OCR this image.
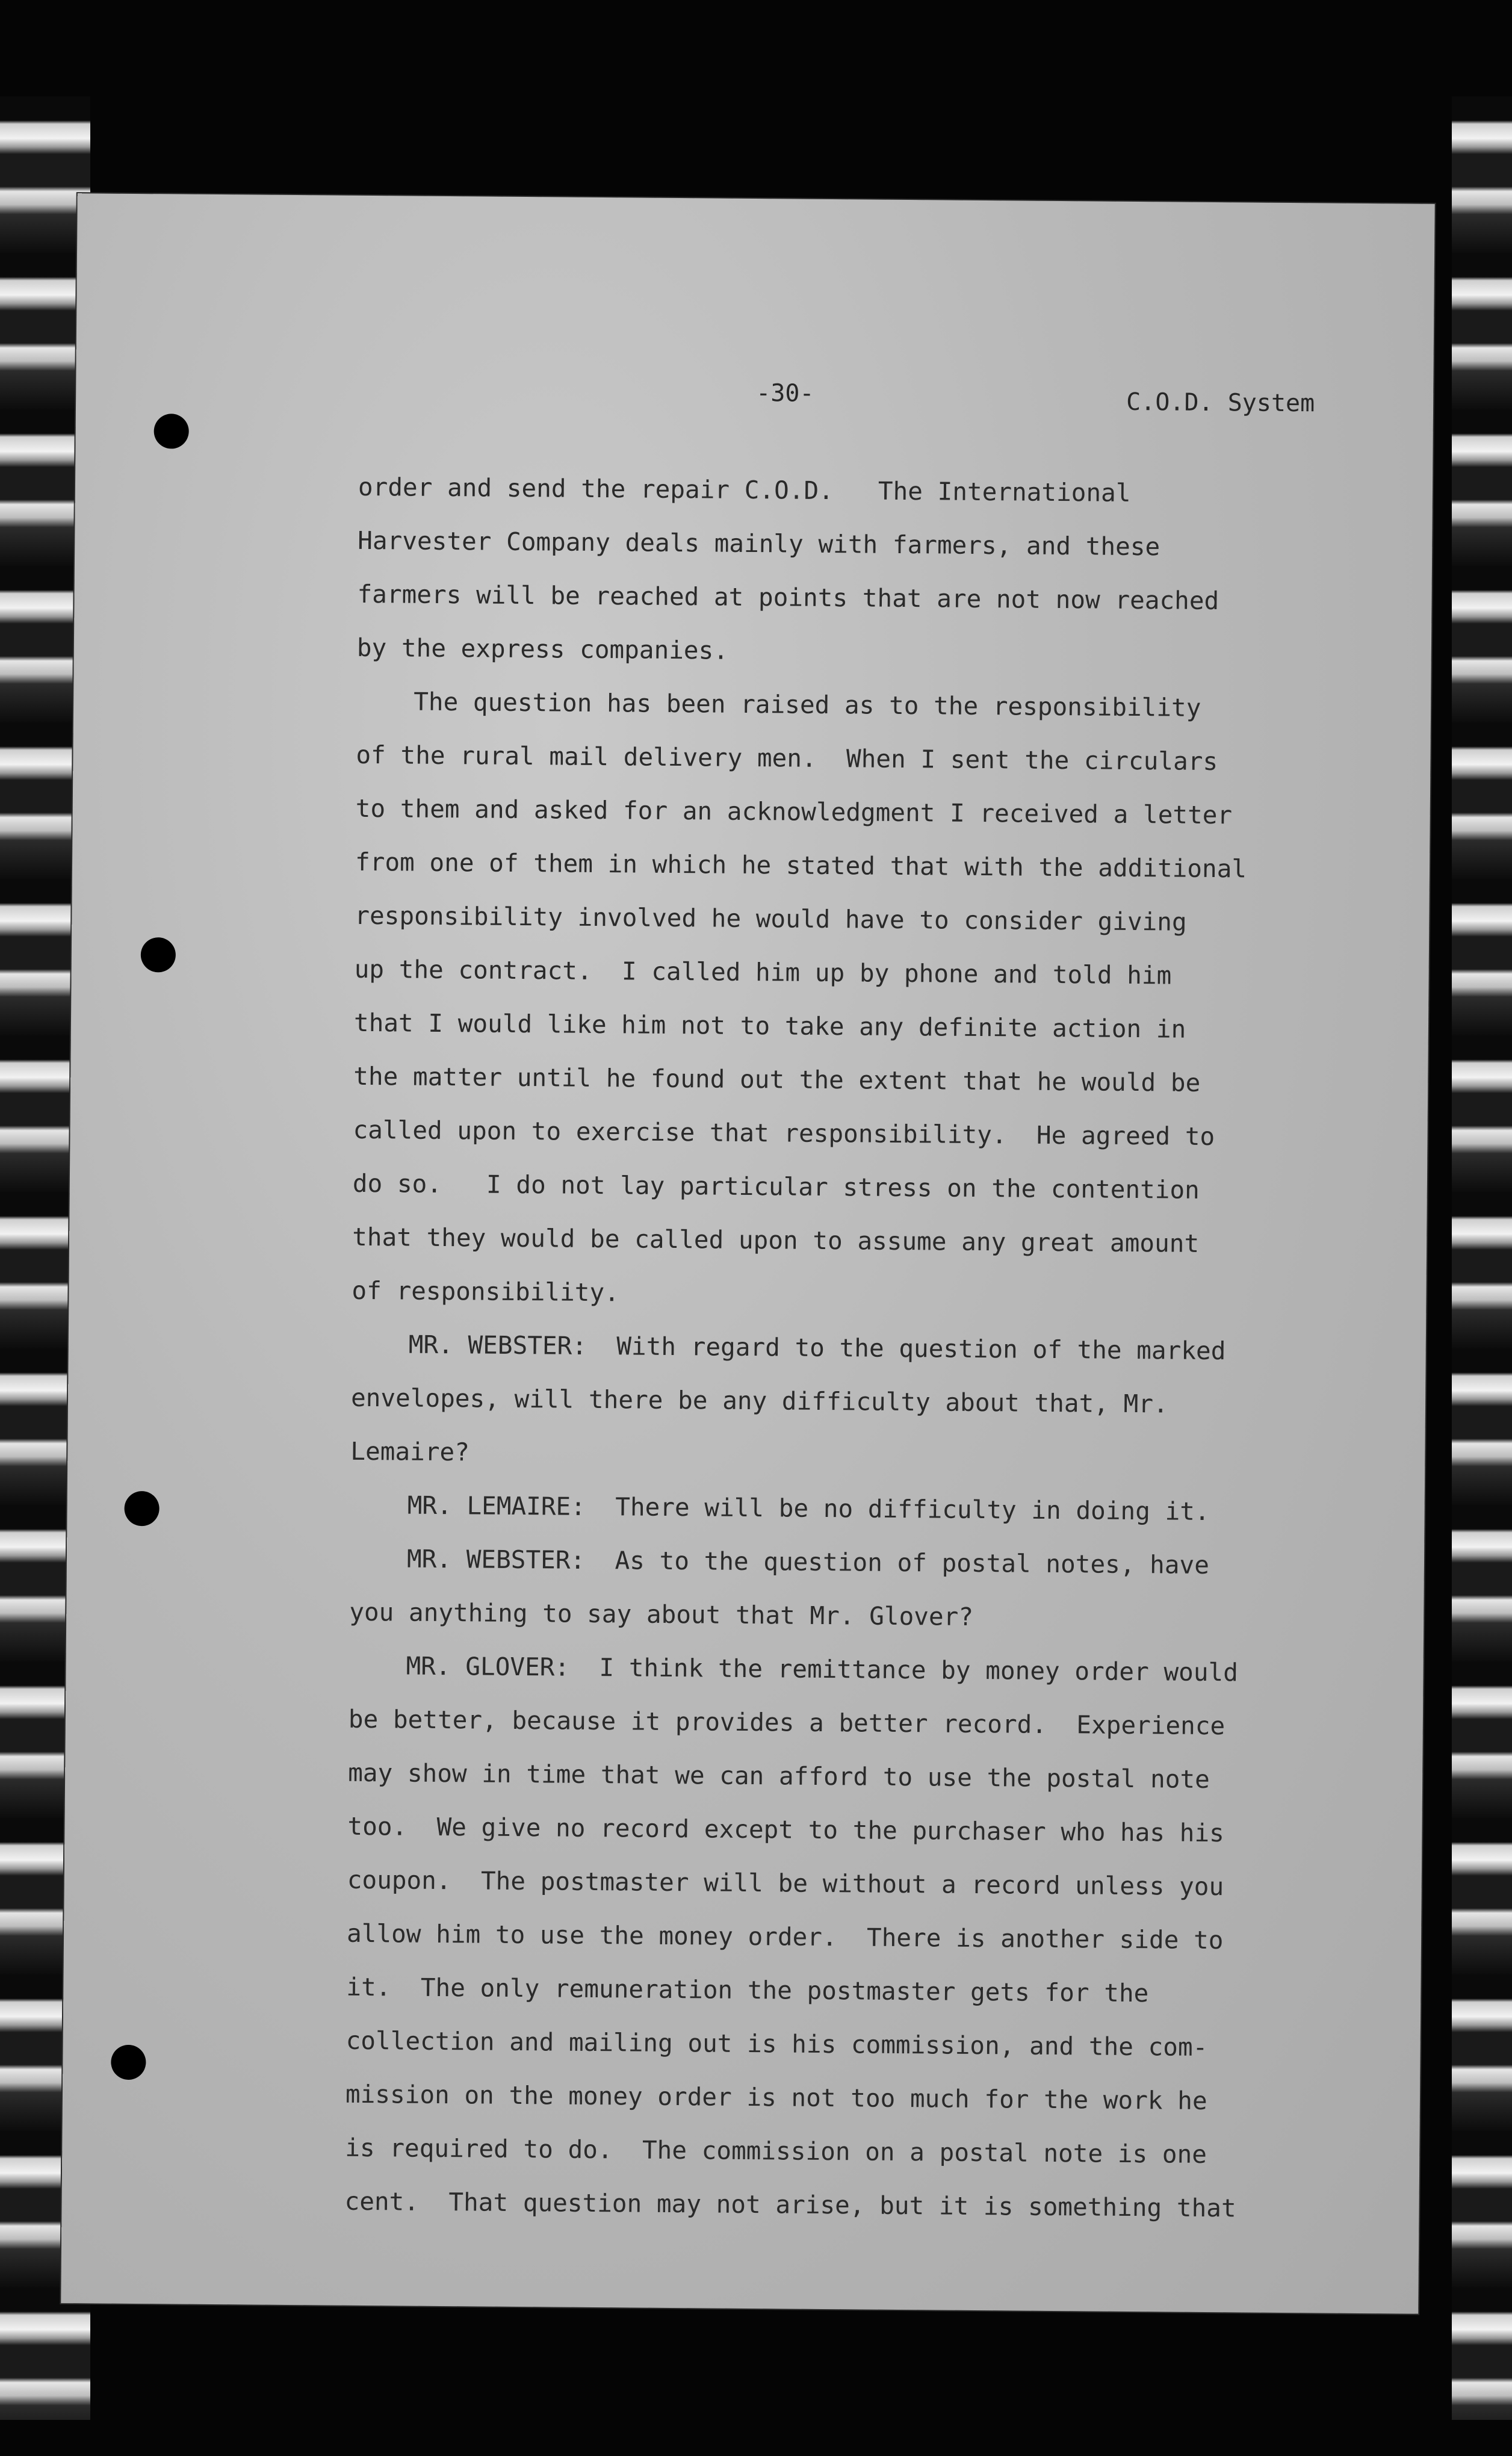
-30-	C.O.D. System
order and send the repair C.O.D.   The International
Harvester Company deals mainly with farmers, and these
farmers will be reached at points that are not now reached
by the express companies.
The question has been raised as to the responsibility
of the rural mail delivery men.  When I sent the circulars
to them and asked for an acknowledgment I received a letter
from one of them in which he stated that with the additional
responsibility involved he would have to consider giving
up the contract.  I called him up by phone and told him
that I would like him not to take any definite action in
the matter until he found out the extent that he would be
called upon to exercise that responsibility.  He agreed to
do so.   I do not lay particular stress on the contention
that they would be called upon to assume any great amount
of responsibility.
MR. WEBSTER:  With regard to the question of the marked
envelopes, will there be any difficulty about that, Mr.
Lemaire?
MR. LEMAIRE:  There will be no difficulty in doing it.
MR. WEBSTER:  As to the question of postal notes, have
you anything to say about that Mr. Glover?
MR. GLOVER:  I think the remittance by money order would
be better, because it provides a better record.  Experience
may show in time that we can afford to use the postal note
too.  We give no record except to the purchaser who has his
coupon.  The postmaster will be without a record unless you
allow him to use the money order.  There is another side to
it.  The only remuneration the postmaster gets for the
collection and mailing out is his commission, and the com-
mission on the money order is not too much for the work he
is required to do.  The commission on a postal note is one
cent.  That question may not arise, but it is something that
